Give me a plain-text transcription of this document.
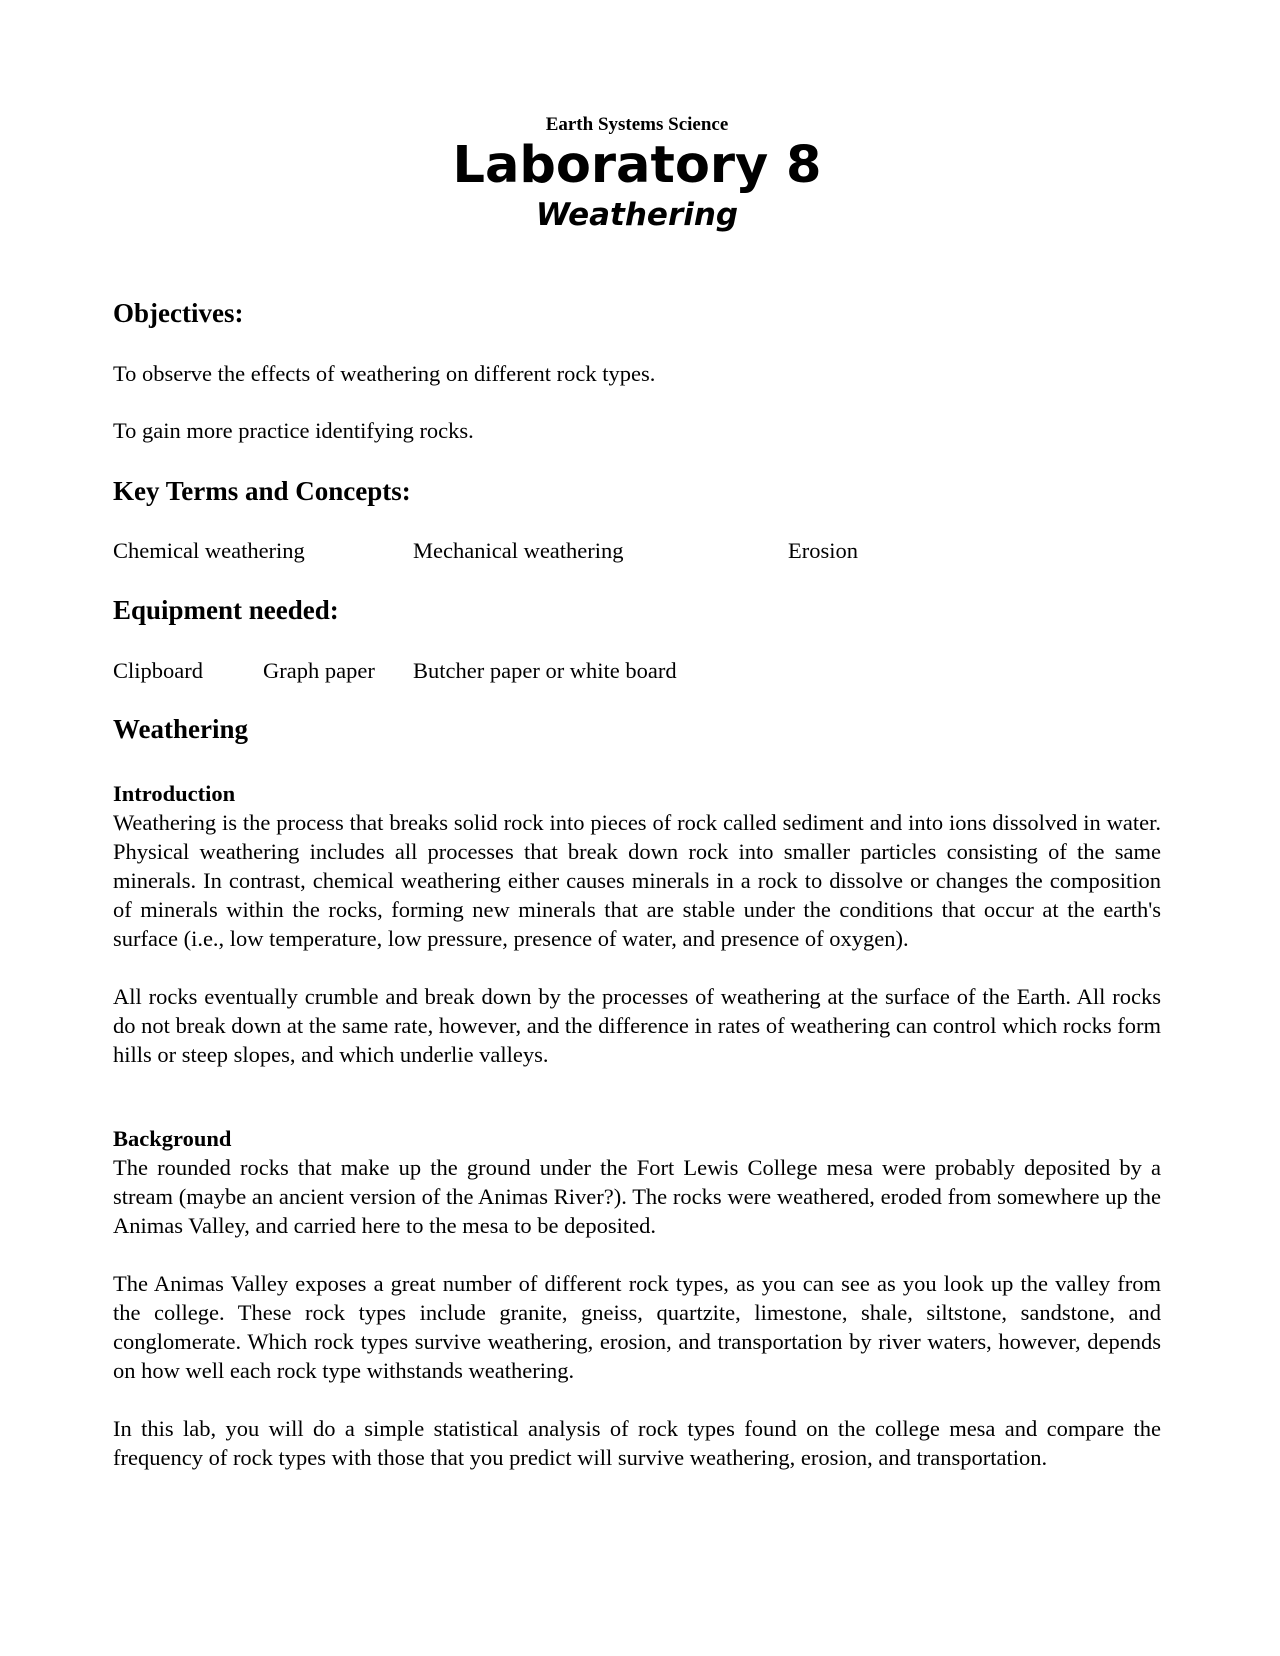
Earth Systems Science
Laboratory 8
Weathering
Objectives:

To observe the effects of weathering on different rock types.

To gain more practice identifying rocks.

Key Terms and Concepts:
Chemical weathering	Mechanical weathering	Erosion
Equipment needed:
Clipboard	Graph paper Butcher paper or white board
Weathering

Introduction

Weathering is the process that breaks solid rock into pieces of rock called sediment and into ions dissolved in water. Physical weathering includes all processes that break down rock into smaller particles consisting of the same minerals. In contrast, chemical weathering either causes minerals in a rock to dissolve or changes the composition of minerals within the rocks, forming new minerals that are stable under the conditions that occur at the earth's surface (i.e., low temperature, low pressure, presence of water, and presence of oxygen).

All rocks eventually crumble and break down by the processes of weathering at the surface of the Earth. All rocks do not break down at the same rate, however, and the difference in rates of weathering can control which rocks form hills or steep slopes, and which underlie valleys.

Background

The rounded rocks that make up the ground under the Fort Lewis College mesa were probably deposited by a stream (maybe an ancient version of the Animas River?). The rocks were weathered, eroded from somewhere up the Animas Valley, and carried here to the mesa to be deposited.

The Animas Valley exposes a great number of different rock types, as you can see as you look up the valley from the college. These rock types include granite, gneiss, quartzite, limestone, shale, siltstone, sandstone, and conglomerate. Which rock types survive weathering, erosion, and transportation by river waters, however, depends on how well each rock type withstands weathering.

In this lab, you will do a simple statistical analysis of rock types found on the college mesa and compare the frequency of rock types with those that you predict will survive weathering, erosion, and transportation.
